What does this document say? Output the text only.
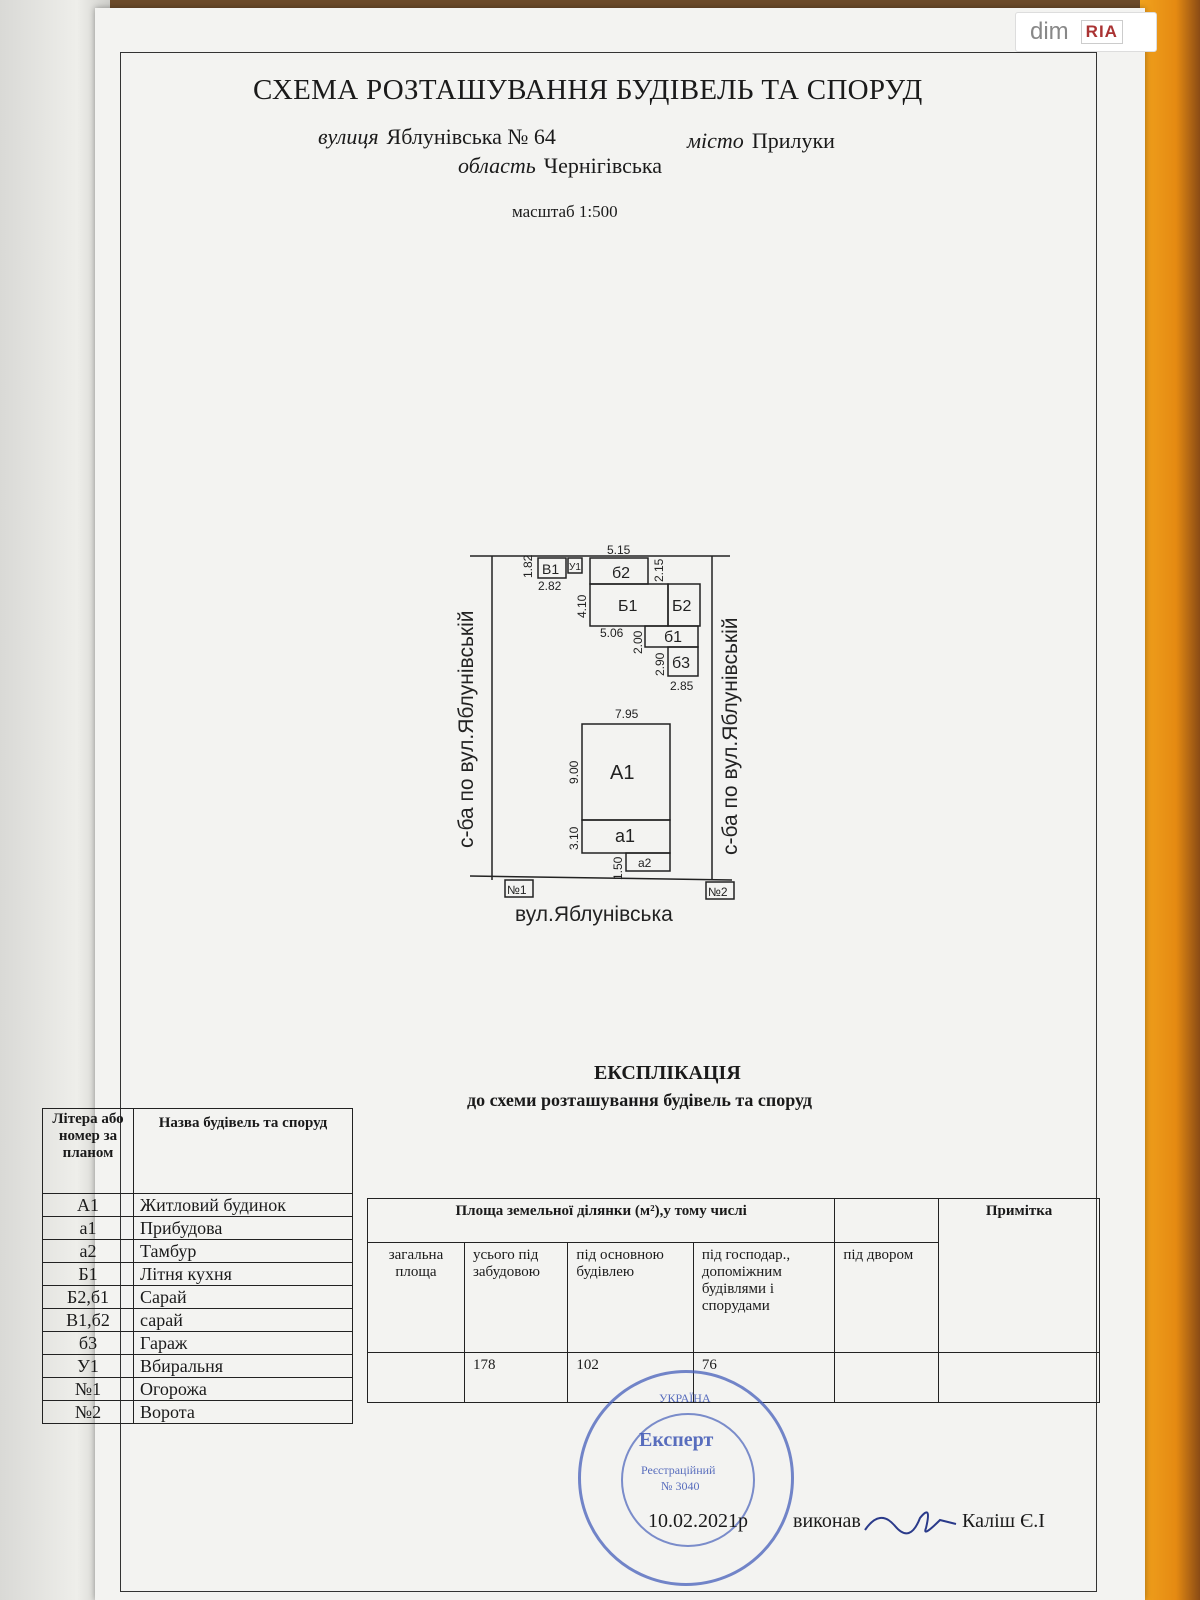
dim RIA
СХЕМА РОЗТАШУВАННЯ БУДІВЕЛЬ ТА СПОРУД
вулиця Яблунівська № 64	місто Прилуки
область Чернігівська
масштаб 1:500
В1 У1 б2
Б1 Б2
б1
б3
А1
а1
а2
№1	№2
5.15
2.82
5.06
2.85
7.95
1.82	2.15
4.10
2.00
2.90
9.00
3.10
1.50
с-ба по вул.Яблунівській	с-ба по вул.Яблунівській
вул.Яблунівська
ЕКСПЛІКАЦІЯ
до схеми розташування будівель та споруд
Літера або номер за планом	Назва будівель та споруд
А1	Житловий будинок
а1	Прибудова
а2	Тамбур
Б1	Літня кухня
Б2,б1	Сарай
В1,б2	сарай
б3	Гараж
У1	Вбиральня
№1	Огорожа
№2	Ворота
Площа земельної ділянки (м²),у тому числі					Примітка
загальна площа	усього під забудовою	під основною будівлею	під господар., допоміжним будівлями і спорудами	під двором	
	178	102	76		
УКРАЇНА
Експерт
Реєстраційний
№ 3040
10.02.2021р виконав	Каліш Є.І
